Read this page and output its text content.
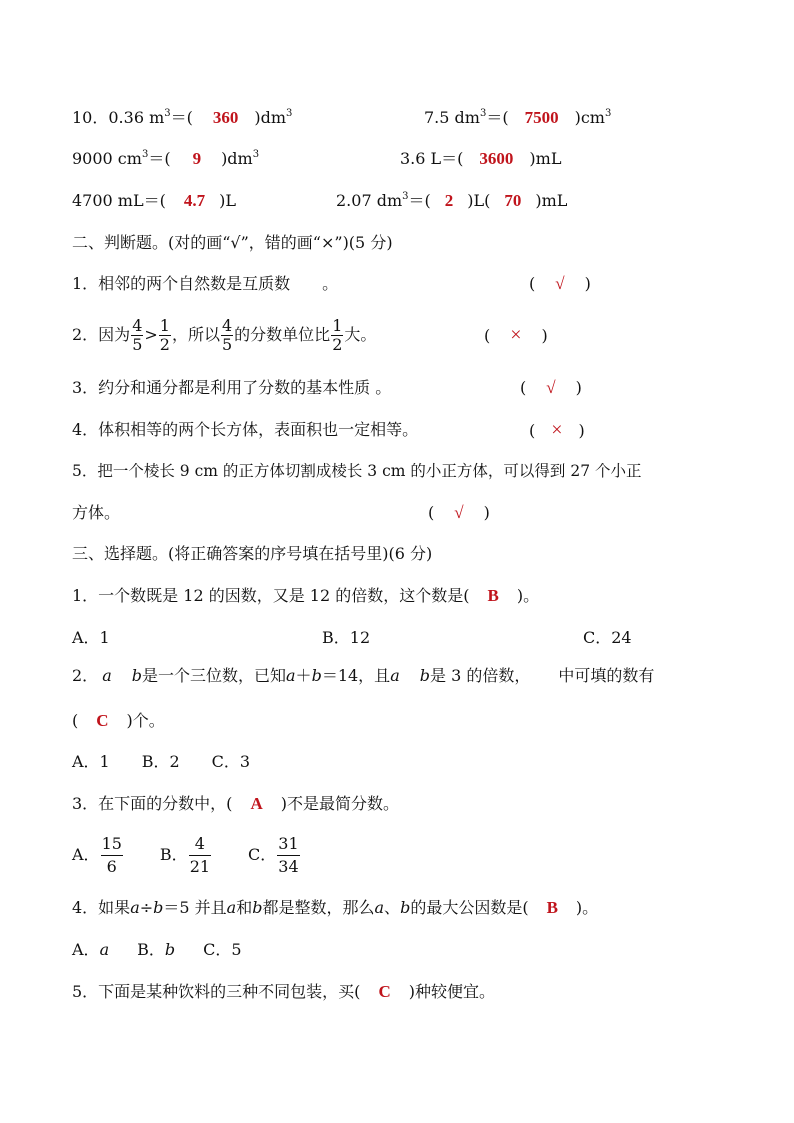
10．0.36 $m^3=$( 360 )$dm^3$	7.5 $dm^3=$( 7500 )$cm^3$
9000 $cm^3=$( 9 )$dm^3$	3.6 L＝( 3600 )mL
4700 mL＝( 4.7 )L	2.07 $dm^3=$( 2 )L( 70 )mL
二、判断题。(对的画“√”，错的画“×”)(5 分)
1．相邻的两个自然数是互质数　　。	( √ )
2．因为 $\frac{4}{5} > \frac{1}{2}$ ，所以 $\frac{4}{5}$ 的分数单位比 $\frac{1}{2}$ 大。	( × )
3．约分和通分都是利用了分数的基本性质 。	( √ )
4．体积相等的两个长方体，表面积也一定相等。	( × )
5．把一个棱长 9 cm 的正方体切割成棱长 3 cm 的小正方体，可以得到 27 个小正
方体。	( √ )
三、选择题。(将正确答案的序号填在括号里)(6 分)
1．一个数既是 12 的因数，又是 12 的倍数，这个数是( B )。
A．1	B．12	C．24
2． a b是一个三位数，已知a＋b＝14，且a b是 3 的倍数， 中可填的数有
( C )个。
A．1　　B．2　　C．3
3．在下面的分数中，( A )不是最简分数。
A． $\frac{15}{6}$ B． $\frac{4}{21}$ C． $\frac{31}{34}$
4．如果a÷b＝5 并且a和b都是整数，那么a、b的最大公因数是( B )。
A．a B．b C．5
5．下面是某种饮料的三种不同包装，买( C )种较便宜。
